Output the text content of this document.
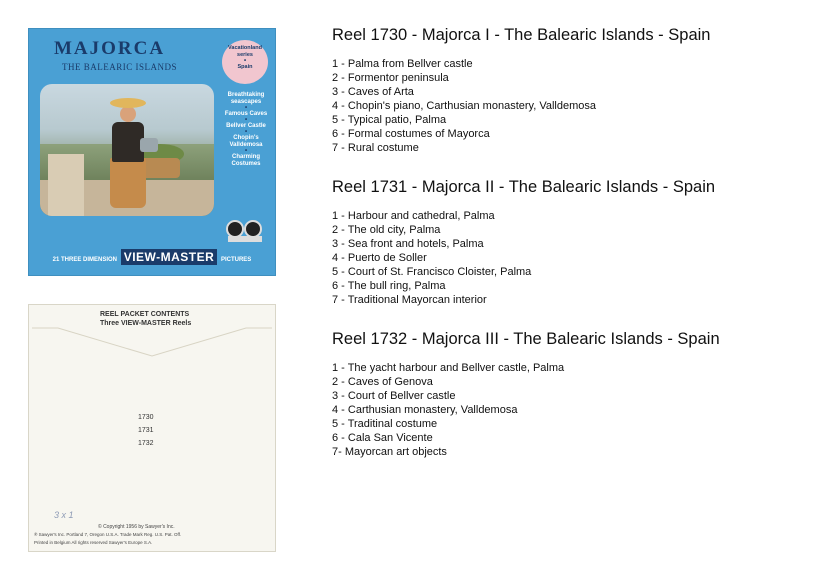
MAJORCA
THE BALEARIC ISLANDS
Vacationland
series
•
Spain
Breathtaking seascapes
•
Famous Caves
•
Bellver Castle
•
Chopin's Valldemosa
•
Charming Costumes
21 THREE DIMENSION VIEW-MASTER PICTURES
REEL PACKET CONTENTS
Three VIEW-MASTER Reels
1730
1731
1732
3 x 1
© Copyright 1956 by Sawyer's Inc.
® Sawyer's Inc. Portland 7, Oregon U.S.A. Trade Mark Reg. U.S. Pat. Off.
Printed in Belgium All rights reserved Sawyer's Europe S.A.
Reel 1730 - Majorca I - The Balearic Islands - Spain
1 - Palma from Bellver castle
2 - Formentor peninsula
3 - Caves of Arta
4 - Chopin's piano, Carthusian monastery, Valldemosa
5 - Typical patio, Palma
6 - Formal costumes of Mayorca
7 - Rural costume
Reel 1731 - Majorca II - The Balearic Islands - Spain
1 - Harbour and cathedral, Palma
2 - The old city, Palma
3 - Sea front and hotels, Palma
4 - Puerto de Soller
5 - Court of St. Francisco Cloister, Palma
6 - The bull ring, Palma
7 - Traditional Mayorcan interior
Reel 1732 - Majorca III - The Balearic Islands - Spain
1 - The yacht harbour and Bellver castle, Palma
2 - Caves of Genova
3 - Court of Bellver castle
4 - Carthusian monastery, Valldemosa
5 - Traditinal costume
6 - Cala San Vicente
7- Mayorcan art objects
